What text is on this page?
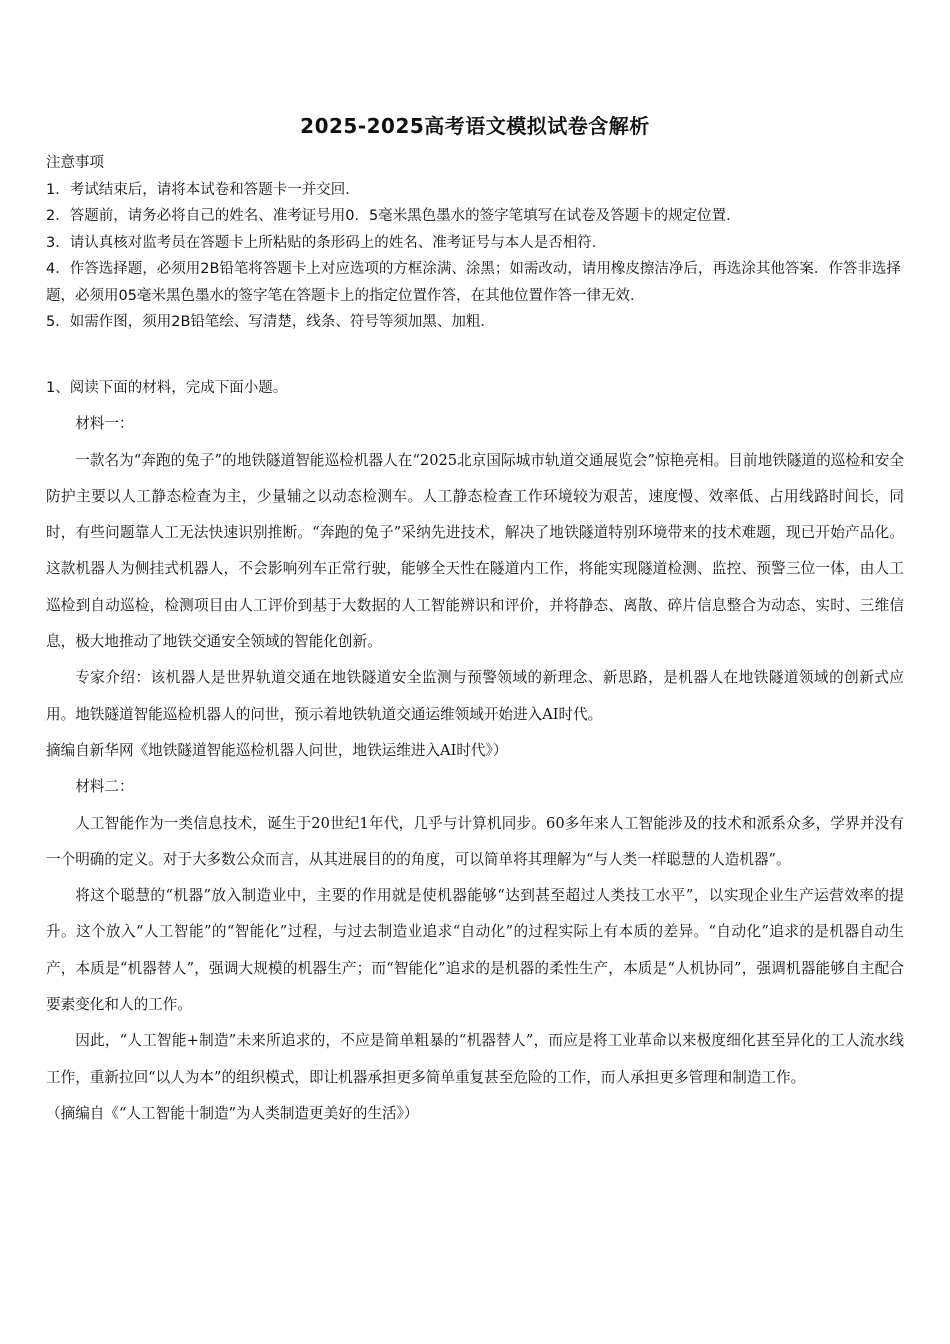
2025-2025高考语文模拟试卷含解析

注意事项

1．考试结束后，请将本试卷和答题卡一并交回．

2．答题前，请务必将自己的姓名、准考证号用0．5毫米黑色墨水的签字笔填写在试卷及答题卡的规定位置．

3．请认真核对监考员在答题卡上所粘贴的条形码上的姓名、准考证号与本人是否相符．

4．作答选择题，必须用2B铅笔将答题卡上对应选项的方框涂满、涂黑；如需改动，请用橡皮擦洁净后，再选涂其他答案．作答非选择题，必须用05毫米黑色墨水的签字笔在答题卡上的指定位置作答，在其他位置作答一律无效．

5．如需作图，须用2B铅笔绘、写清楚，线条、符号等须加黑、加粗．

1、阅读下面的材料，完成下面小题。

材料一：

一款名为“奔跑的兔子”的地铁隧道智能巡检机器人在“2025北京国际城市轨道交通展览会”惊艳亮相。目前地铁隧道的巡检和安全防护主要以人工静态检查为主，少量辅之以动态检测车。人工静态检查工作环境较为艰苦，速度慢、效率低、占用线路时间长，同时，有些问题靠人工无法快速识别推断。“奔跑的兔子”采纳先进技术，解决了地铁隧道特别环境带来的技术难题，现已开始产品化。这款机器人为侧挂式机器人，不会影响列车正常行驶，能够全天性在隧道内工作，将能实现隧道检测、监控、预警三位一体，由人工巡检到自动巡检，检测项目由人工评价到基于大数据的人工智能辨识和评价，并将静态、离散、碎片信息整合为动态、实时、三维信息，极大地推动了地铁交通安全领域的智能化创新。

专家介绍：该机器人是世界轨道交通在地铁隧道安全监测与预警领域的新理念、新思路，是机器人在地铁隧道领域的创新式应用。地铁隧道智能巡检机器人的问世，预示着地铁轨道交通运维领域开始进入AI时代。

摘编自新华网《地铁隧道智能巡检机器人问世，地铁运维进入AI时代》）

材料二：

人工智能作为一类信息技术，诞生于20世纪1年代，几乎与计算机同步。60多年来人工智能涉及的技术和派系众多，学界并没有一个明确的定义。对于大多数公众而言，从其进展目的的角度，可以简单将其理解为“与人类一样聪慧的人造机器”。

将这个聪慧的“机器”放入制造业中，主要的作用就是使机器能够“达到甚至超过人类技工水平”，以实现企业生产运营效率的提升。这个放入“人工智能”的“智能化”过程，与过去制造业追求“自动化”的过程实际上有本质的差异。“自动化”追求的是机器自动生产，本质是“机器替人”，强调大规模的机器生产；而“智能化”追求的是机器的柔性生产，本质是“人机协同”，强调机器能够自主配合要素变化和人的工作。

因此，“人工智能+制造”未来所追求的，不应是简单粗暴的“机器替人”，而应是将工业革命以来极度细化甚至异化的工人流水线工作，重新拉回“以人为本”的组织模式，即让机器承担更多简单重复甚至危险的工作，而人承担更多管理和制造工作。

（摘编自《“人工智能十制造”为人类制造更美好的生活》）
